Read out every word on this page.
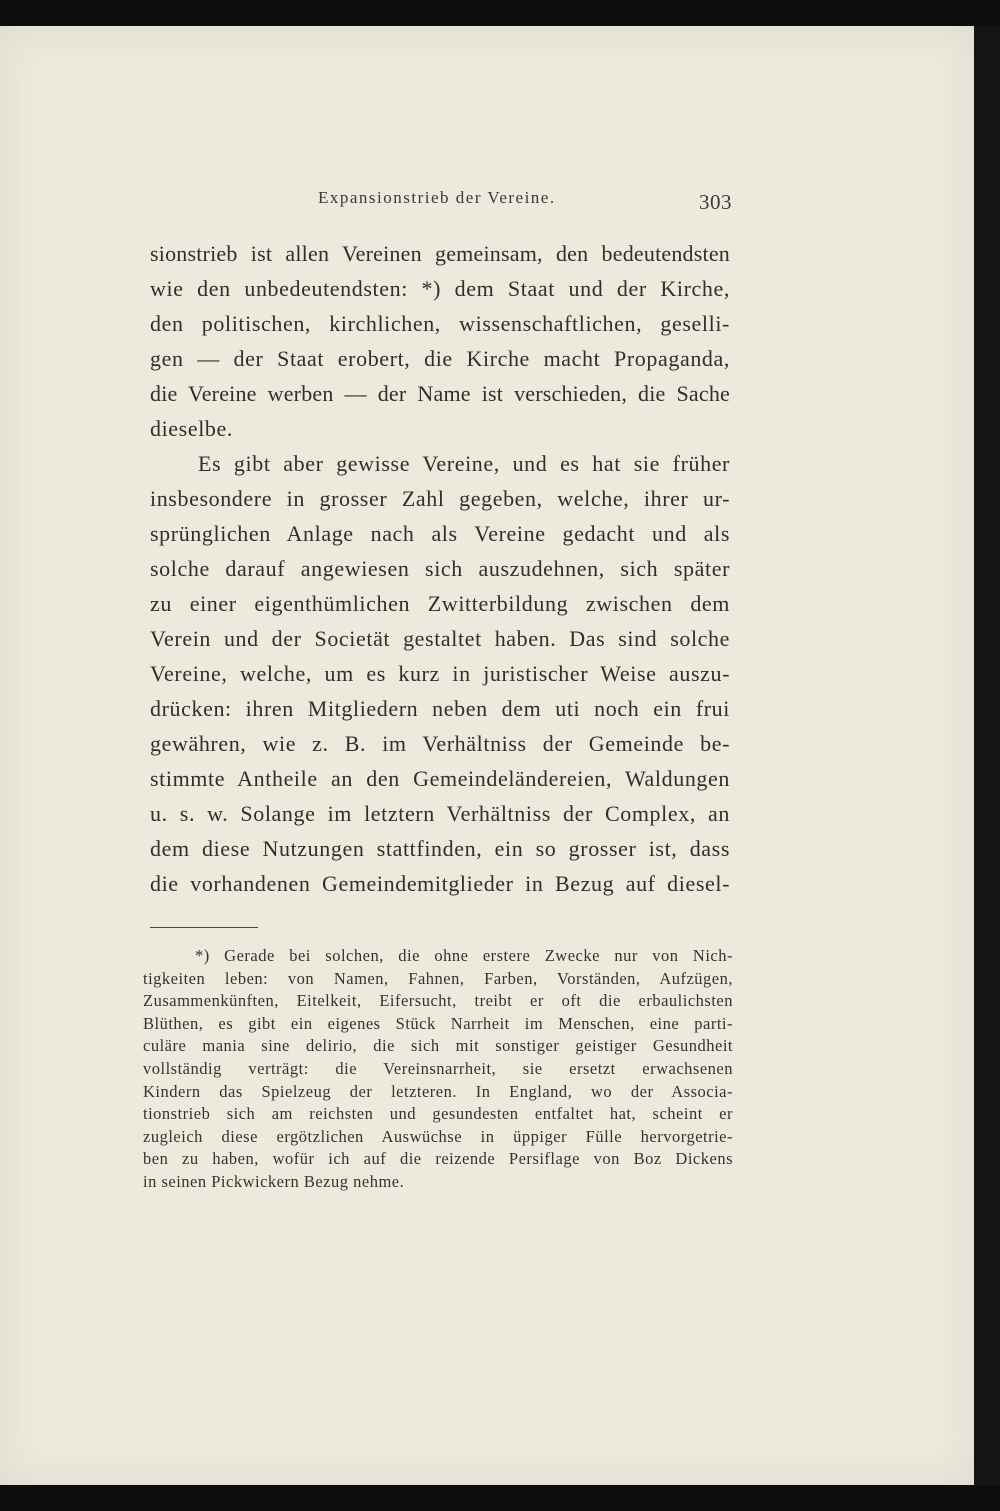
Expansionstrieb der Vereine.	303
sionstrieb ist allen Vereinen gemeinsam, den bedeutendsten
wie den unbedeutendsten: *) dem Staat und der Kirche,
den politischen, kirchlichen, wissenschaftlichen, geselli-
gen — der Staat erobert, die Kirche macht Propaganda,
die Vereine werben — der Name ist verschieden, die Sache
dieselbe.
Es gibt aber gewisse Vereine, und es hat sie früher
insbesondere in grosser Zahl gegeben, welche, ihrer ur-
sprünglichen Anlage nach als Vereine gedacht und als
solche darauf angewiesen sich auszudehnen, sich später
zu einer eigenthümlichen Zwitterbildung zwischen dem
Verein und der Societät gestaltet haben. Das sind solche
Vereine, welche, um es kurz in juristischer Weise auszu-
drücken: ihren Mitgliedern neben dem uti noch ein frui
gewähren, wie z. B. im Verhältniss der Gemeinde be-
stimmte Antheile an den Gemeindeländereien, Waldungen
u. s. w. Solange im letztern Verhältniss der Complex, an
dem diese Nutzungen stattfinden, ein so grosser ist, dass
die vorhandenen Gemeindemitglieder in Bezug auf diesel-
*) Gerade bei solchen, die ohne erstere Zwecke nur von Nich-
tigkeiten leben: von Namen, Fahnen, Farben, Vorständen, Aufzügen,
Zusammenkünften, Eitelkeit, Eifersucht, treibt er oft die erbaulichsten
Blüthen, es gibt ein eigenes Stück Narrheit im Menschen, eine parti-
culäre mania sine delirio, die sich mit sonstiger geistiger Gesundheit
vollständig verträgt: die Vereinsnarrheit, sie ersetzt erwachsenen
Kindern das Spielzeug der letzteren. In England, wo der Associa-
tionstrieb sich am reichsten und gesundesten entfaltet hat, scheint er
zugleich diese ergötzlichen Auswüchse in üppiger Fülle hervorgetrie-
ben zu haben, wofür ich auf die reizende Persiflage von Boz Dickens
in seinen Pickwickern Bezug nehme.
